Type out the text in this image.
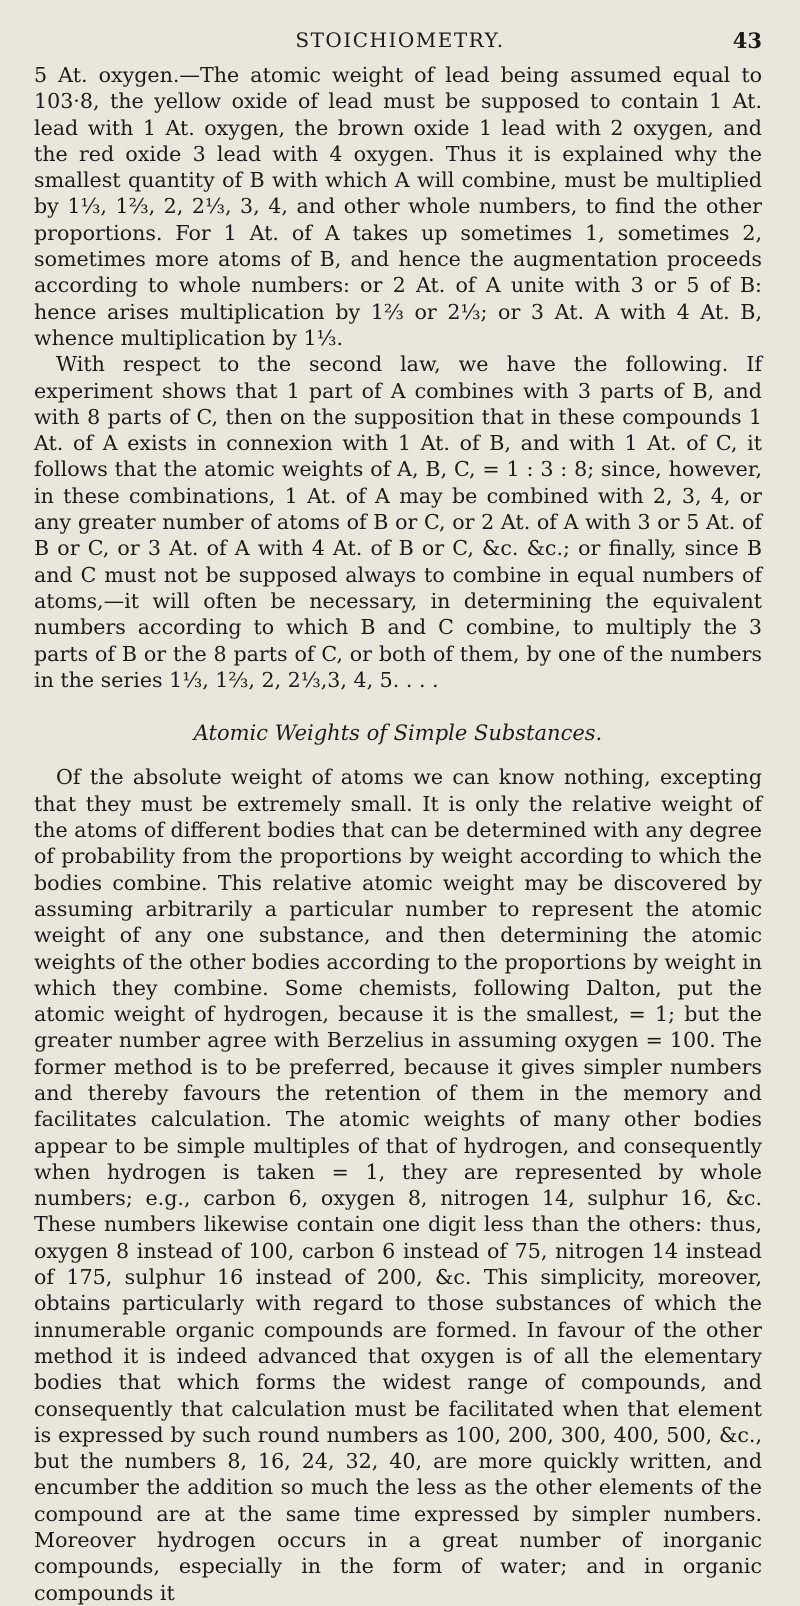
STOICHIOMETRY.	43

5 At. oxygen.—The atomic weight of lead being assumed equal to 103·8, the yellow oxide of lead must be supposed to contain 1 At. lead with 1 At. oxygen, the brown oxide 1 lead with 2 oxygen, and the red oxide 3 lead with 4 oxygen. Thus it is explained why the smallest quantity of B with which A will combine, must be multiplied by 1⅓, 1⅔, 2, 2⅓, 3, 4, and other whole numbers, to find the other proportions. For 1 At. of A takes up sometimes 1, sometimes 2, sometimes more atoms of B, and hence the augmentation proceeds according to whole numbers: or 2 At. of A unite with 3 or 5 of B: hence arises multiplication by 1⅔ or 2⅓; or 3 At. A with 4 At. B, whence multiplication by 1⅓.

With respect to the second law, we have the following. If experiment shows that 1 part of A combines with 3 parts of B, and with 8 parts of C, then on the supposition that in these compounds 1 At. of A exists in connexion with 1 At. of B, and with 1 At. of C, it follows that the atomic weights of A, B, C, = 1 : 3 : 8; since, however, in these combinations, 1 At. of A may be combined with 2, 3, 4, or any greater number of atoms of B or C, or 2 At. of A with 3 or 5 At. of B or C, or 3 At. of A with 4 At. of B or C, &c. &c.; or finally, since B and C must not be supposed always to combine in equal numbers of atoms,—it will often be necessary, in determining the equivalent numbers according to which B and C combine, to multiply the 3 parts of B or the 8 parts of C, or both of them, by one of the numbers in the series 1⅓, 1⅔, 2, 2⅓,3, 4, 5. . . .

Atomic Weights of Simple Substances.

Of the absolute weight of atoms we can know nothing, excepting that they must be extremely small. It is only the relative weight of the atoms of different bodies that can be determined with any degree of probability from the proportions by weight according to which the bodies combine. This relative atomic weight may be discovered by assuming arbitrarily a particular number to represent the atomic weight of any one substance, and then determining the atomic weights of the other bodies according to the proportions by weight in which they combine. Some chemists, following Dalton, put the atomic weight of hydrogen, because it is the smallest, = 1; but the greater number agree with Berzelius in assuming oxygen = 100. The former method is to be preferred, because it gives simpler numbers and thereby favours the retention of them in the memory and facilitates calculation. The atomic weights of many other bodies appear to be simple multiples of that of hydrogen, and consequently when hydrogen is taken = 1, they are represented by whole numbers; e.g., carbon 6, oxygen 8, nitrogen 14, sulphur 16, &c. These numbers likewise contain one digit less than the others: thus, oxygen 8 instead of 100, carbon 6 instead of 75, nitrogen 14 instead of 175, sulphur 16 instead of 200, &c. This simplicity, moreover, obtains particularly with regard to those substances of which the innumerable organic compounds are formed. In favour of the other method it is indeed advanced that oxygen is of all the elementary bodies that which forms the widest range of compounds, and consequently that calculation must be facilitated when that element is expressed by such round numbers as 100, 200, 300, 400, 500, &c., but the numbers 8, 16, 24, 32, 40, are more quickly written, and encumber the addition so much the less as the other elements of the compound are at the same time expressed by simpler numbers. Moreover hydrogen occurs in a great number of inorganic compounds, especially in the form of water; and in organic compounds it
